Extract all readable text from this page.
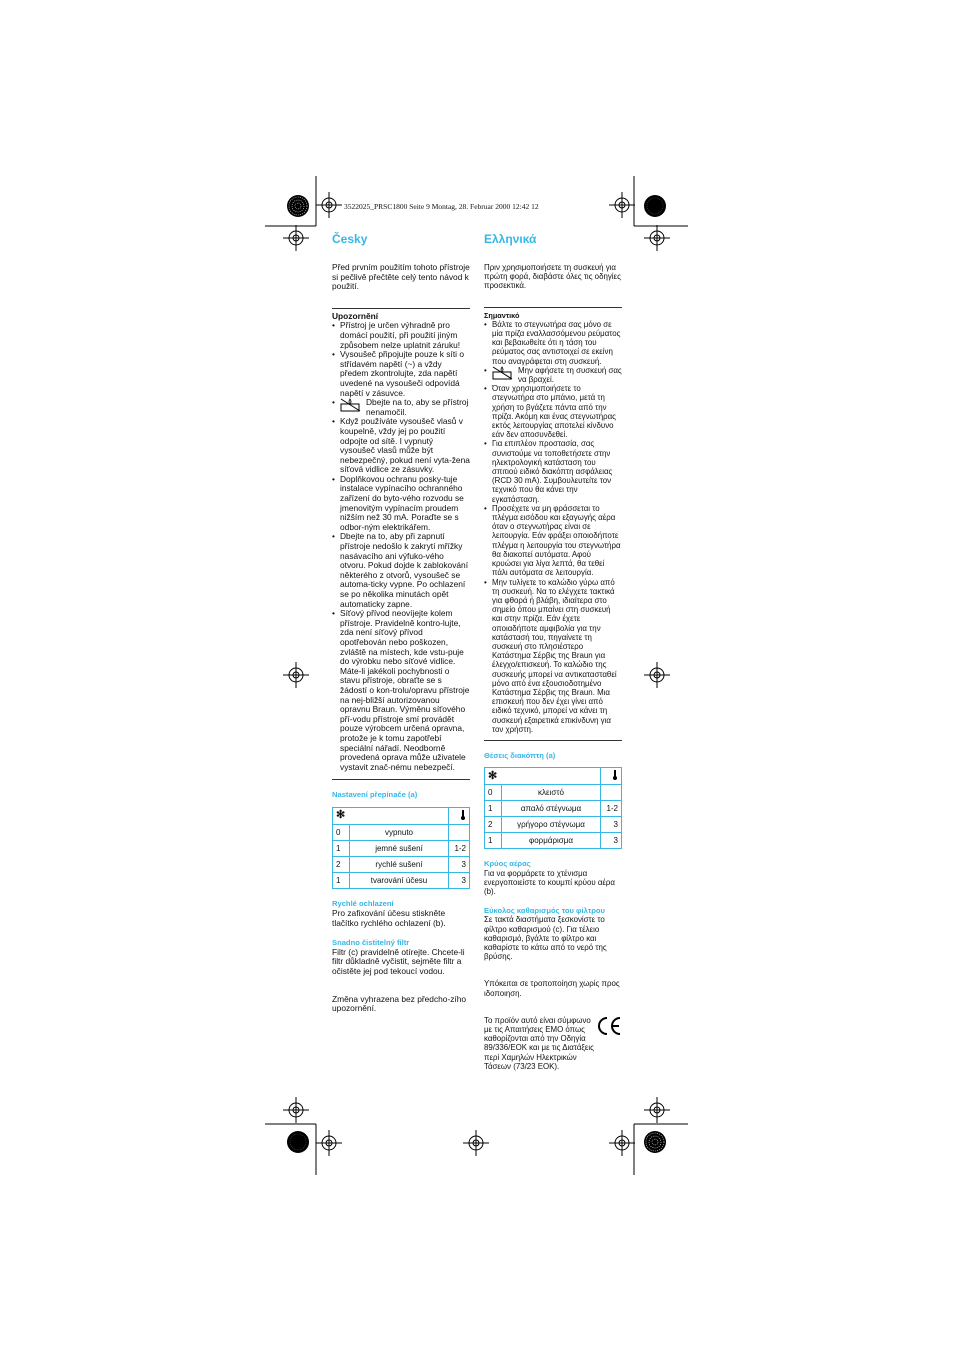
3522025_PRSC1800 Seite 9 Montag, 28. Februar 2000 12:42 12
Česky

Před prvním použitím tohoto přístroje si pečlivě přečtěte celý tento návod k použití.

Upozornění

• Přístroj je určen výhradně pro domácí použití, při použití jiným způsobem nelze uplatnit záruku!
• Vysoušeč připojujte pouze k síti o střídavém napětí (~) a vždy předem zkontrolujte, zda napětí uvedené na vysoušeči odpovídá napětí v zásuvce.
• Dbejte na to, aby se přístroj nenamočil.
• Když používáte vysoušeč vlasů v koupelně, vždy jej po použití odpojte od sítě. I vypnutý vysoušeč vlasů může být nebezpečný, pokud není vyta-žena síťová vidlice ze zásuvky.
• Doplňkovou ochranu posky-tuje instalace vypínacího ochranného zařízení do byto-vého rozvodu se jmenovitým vypínacím proudem nižším než 30 mA. Poraďte se s odbor-ným elektrikářem.
• Dbejte na to, aby při zapnutí přístroje nedošlo k zakrytí mřížky nasávacího ani výfuko-vého otvoru. Pokud dojde k zablokování některého z otvorů, vysoušeč se automa-ticky vypne. Po ochlazení se po několika minutách opět automaticky zapne.
• Síťový přívod neovíjejte kolem přístroje. Pravidelně kontro-lujte, zda není síťový přívod opotřebován nebo poškozen, zvláště na místech, kde vstu-puje do výrobku nebo síťové vidlice. Máte-li jakékoli pochybnosti o stavu přístroje, obraťte se s žádostí o kon-trolu/opravu přístroje na nej-bližší autorizovanou opravnu Braun. Výměnu síťového pří-vodu přístroje smí provádět pouze výrobcem určená opravna, protože je k tomu zapotřebí speciální nářadí. Neodborně provedená oprava může uživatele vystavit znač-nému nebezpečí.

Nastavení přepínače (a)

✻	
0	vypnuto	
1	jemné sušení	1-2
2	rychlé sušení	3
1	tvarování účesu	3

Rychlé ochlazení

Pro zafixování účesu stiskněte tlačítko rychlého ochlazení (b).

Snadno čistitelný filtr

Filtr (c) pravidelně otírejte. Chcete-li filtr důkladně vyčistit, sejměte filtr a očistěte jej pod tekoucí vodou.

Změna vyhrazena bez předcho-zího upozornění.

Ελληνικά

Πριν χρησιμοποιήσετε τη συσκευή για πρώτη φορά, διαβάστε όλες τις οδηγίες προσεκτικά.

Σημαντικό

• Βάλτε το στεγνωτήρα σας μόνο σε μία πρίζα εναλλασσόμενου ρεύματος και βεβαιωθείτε ότι η τάση του ρεύματος σας αντιστοιχεί σε εκείνη που αναγράφεται στη συσκευή.
• Μην αφήσετε τη συσκευή σας να βραχεί.
• Όταν χρησιμοποιήσετε το στεγνωτήρα στο μπάνιο, μετά τη χρήση το βγάζετε πάντα από την πρίζα. Ακόμη και ένας στεγνωτήρας εκτός λειτουργίας αποτελεί κίνδυνο εάν δεν αποσυνδεθεί.
• Για επιπλέον προστασία, σας συνιστούμε να τοποθετήσετε στην ηλεκτρολογική κατάσταση του σπιτιού ειδικό διακόπτη ασφάλειας (RCD 30 mA). Συμβουλευτείτε τον τεχνικό που θα κάνει την εγκατάσταση.
• Προσέχετε να μη φράσσεται το πλέγμα εισόδου και εξαγωγής αέρα όταν ο στεγνωτήρας είναι σε λειτουργία. Εάν φράξει οποιοδήποτε πλέγμα η λειτουργία του στεγνωτήρα θα διακοπεί αυτόματα. Αφού κρυώσει για λίγα λεπτά, θα τεθεί πάλι αυτόματα σε λειτουργία.
• Μην τυλίγετε το καλώδιο γύρω από τη συσκευή. Να το ελέγχετε τακτικά για φθορά ή βλάβη, ιδιαίτερα στο σημείο όπου μπαίνει στη συσκευή και στην πρίζα. Εάν έχετε οποιαδήποτε αμφιβολία για την κατάστασή του, πηγαίνετε τη συσκευή στο πλησιέστερο Κατάστημα Σέρβις της Braun για έλεγχο/επισκευή. Το καλώδιο της συσκευής μπορεί να αντικατασταθεί μόνο από ένα εξουσιοδοτημένο Κατάστημα Σέρβις της Braun. Μια επισκευή που δεν έχει γίνει από ειδικό τεχνικό, μπορεί να κάνει τη συσκευή εξαιρετικά επικίνδυνη για τον χρήστη.

Θέσεις διακόπτη (a)

✻	
0	κλειστό	
1	απαλό στέγνωμα	1-2
2	γρήγορο στέγνωμα	3
1	φορμάρισμα	3

Κρύος αέρας

Για να φορμάρετε το χτένισμα ενεργοποιείστε το κουμπί κρύου αέρα (b).

Εύκολος καθαρισμός του φίλτρου

Σε τακτά διαστήματα ξεσκονίστε το φίλτρο καθαρισμού (c). Για τέλειο καθαρισμό, βγάλτε το φίλτρο και καθαρίστε το κάτω από το νερό της βρύσης.

Υπόκειται σε τροποποίηση χωρίς προς ιδοποιηση.

Το προϊόν αυτό είναι σύμφωνο με τις Απαιτήσεις ΕΜΟ όπως καθορίζονται από την Οδηγία 89/336/ΕΟΚ και με τις Διατάξεις περί Χαμηλών Ηλεκτρικών Τάσεων (73/23 ΕΟΚ).
